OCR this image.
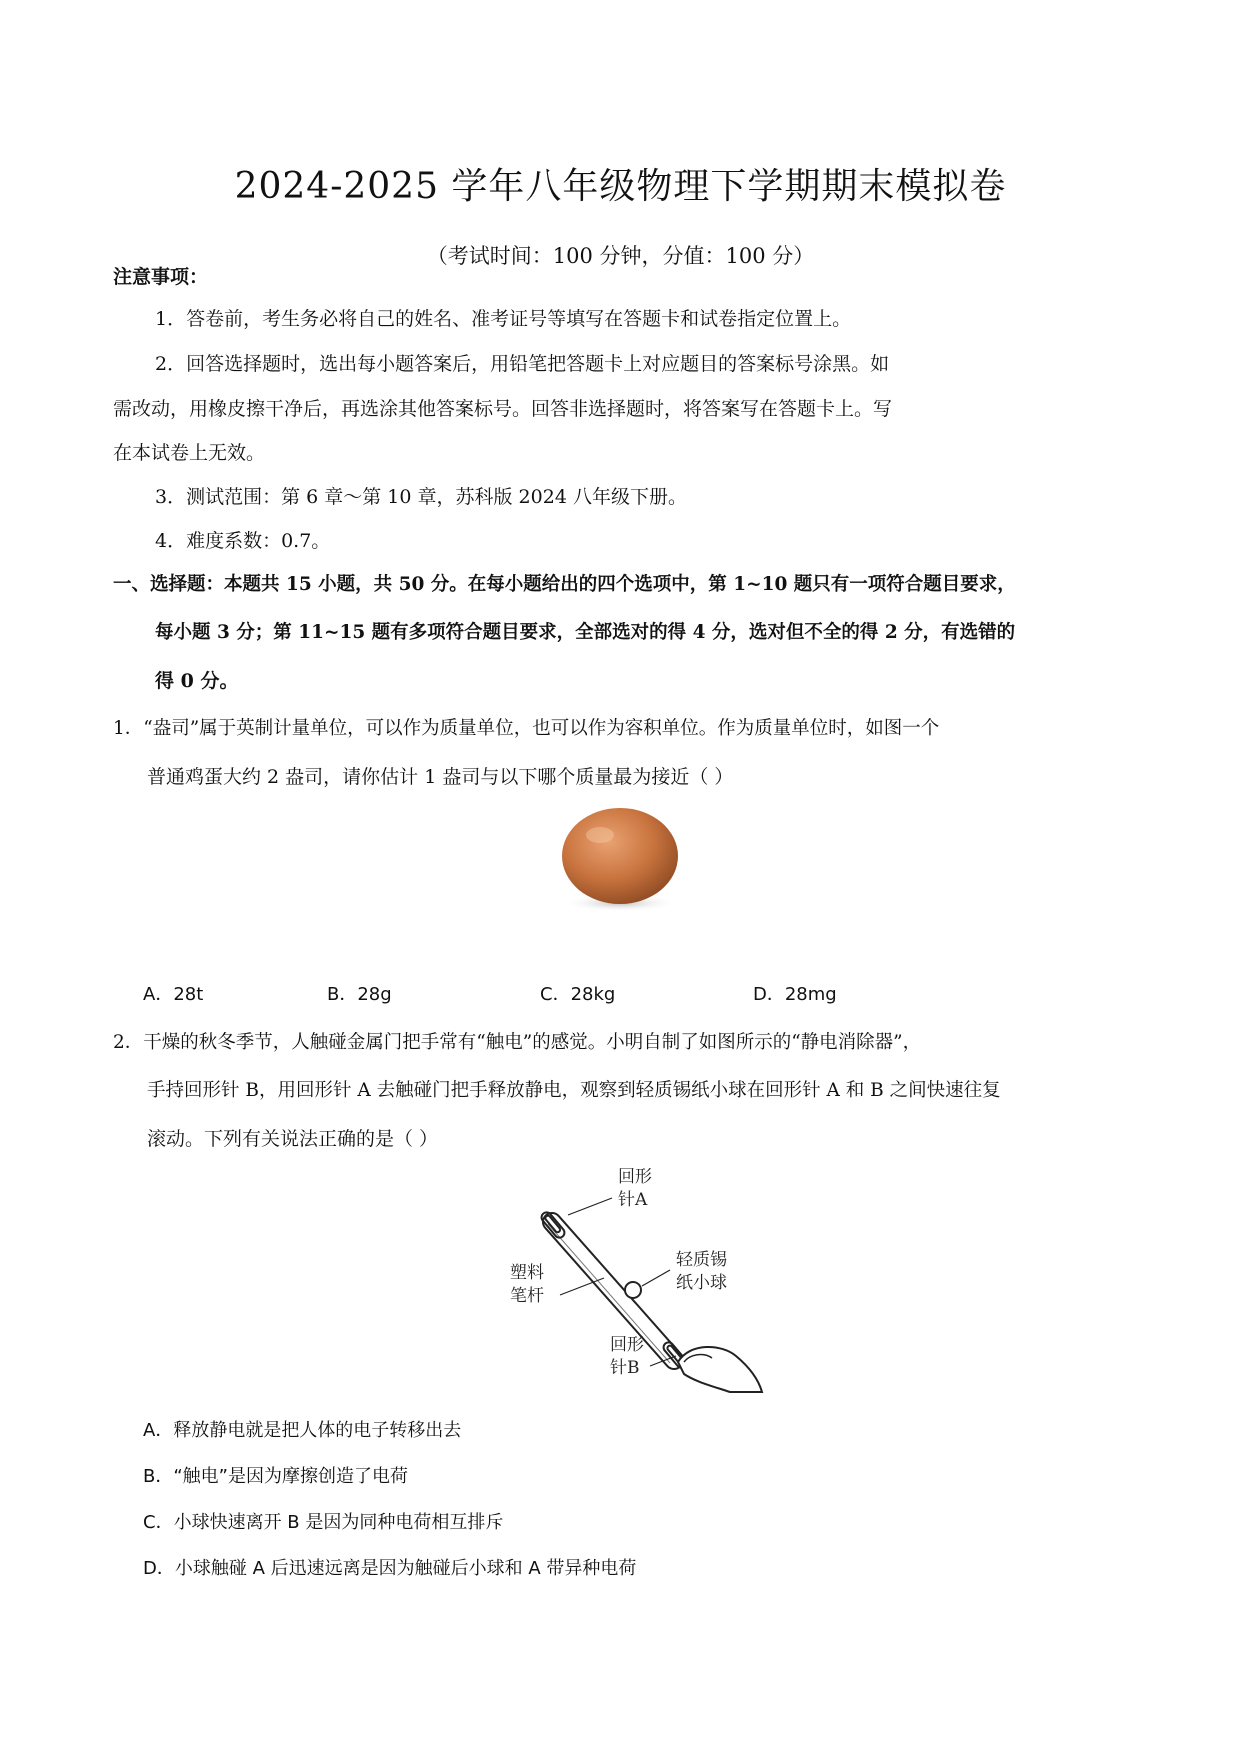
2024-2025 学年八年级物理下学期期末模拟卷
（考试时间：100 分钟，分值：100 分）
注意事项：
1．答卷前，考生务必将自己的姓名、准考证号等填写在答题卡和试卷指定位置上。
2．回答选择题时，选出每小题答案后，用铅笔把答题卡上对应题目的答案标号涂黑。如
需改动，用橡皮擦干净后，再选涂其他答案标号。回答非选择题时，将答案写在答题卡上。写
在本试卷上无效。
3．测试范围：第 6 章～第 10 章，苏科版 2024 八年级下册。
4．难度系数：0.7。
一、选择题：本题共 15 小题，共 50 分。在每小题给出的四个选项中，第 1~10 题只有一项符合题目要求，
每小题 3 分；第 11~15 题有多项符合题目要求，全部选对的得 4 分，选对但不全的得 2 分，有选错的
得 0 分。
1．“盎司”属于英制计量单位，可以作为质量单位，也可以作为容积单位。作为质量单位时，如图一个
普通鸡蛋大约 2 盎司，请你估计 1 盎司与以下哪个质量最为接近（ ）
A．28t	B．28g	C．28kg	D．28mg
2．干燥的秋冬季节，人触碰金属门把手常有“触电”的感觉。小明自制了如图所示的“静电消除器”，
手持回形针 B，用回形针 A 去触碰门把手释放静电，观察到轻质锡纸小球在回形针 A 和 B 之间快速往复
滚动。下列有关说法正确的是（ ）
回形
针A
轻质锡
纸小球
塑料
笔杆
回形
针B
A．释放静电就是把人体的电子转移出去
B．“触电”是因为摩擦创造了电荷
C．小球快速离开 B 是因为同种电荷相互排斥
D．小球触碰 A 后迅速远离是因为触碰后小球和 A 带异种电荷
